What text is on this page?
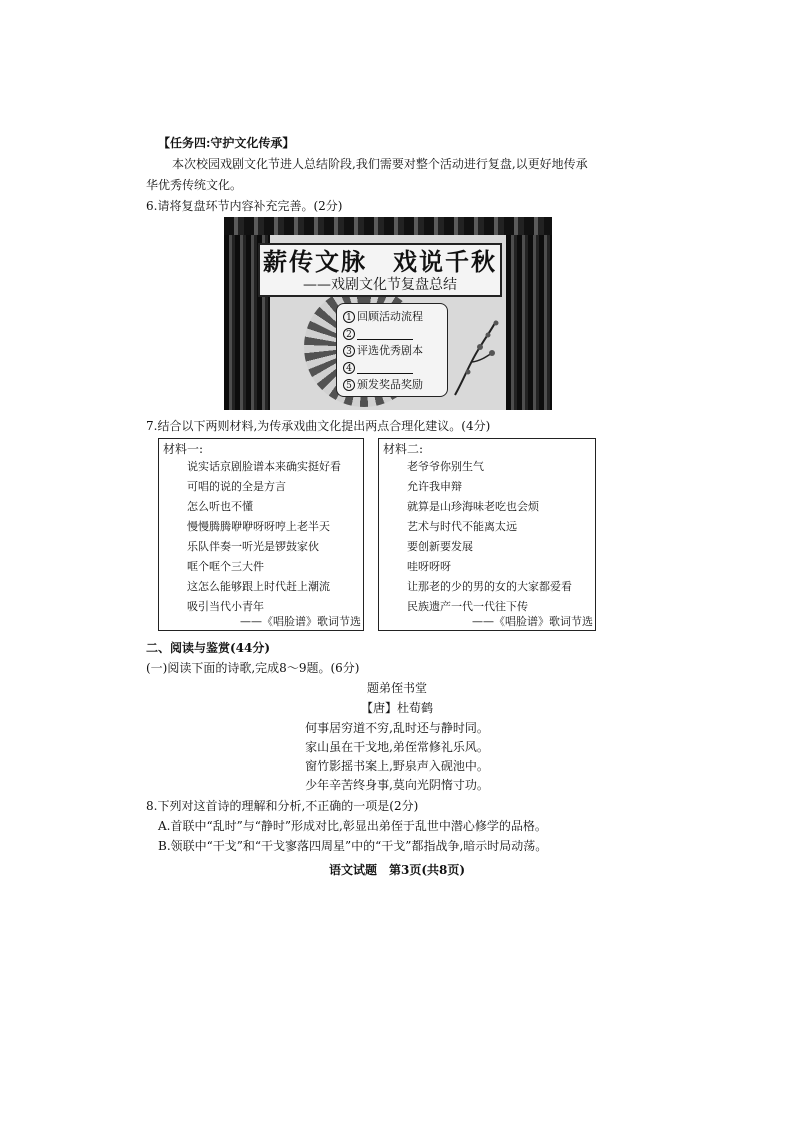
【任务四:守护文化传承】
本次校园戏剧文化节进人总结阶段,我们需要对整个活动进行复盘,以更好地传承
华优秀传统文化。
6.请将复盘环节内容补充完善。(2分)
薪传文脉　戏说千秋
——戏剧文化节复盘总结
1 回顾活动流程
2
3 评选优秀剧本
4
5 颁发奖品奖励
7.结合以下两则材料,为传承戏曲文化提出两点合理化建议。(4分)
材料一:
说实话京剧脸谱本来确实挺好看
可唱的说的全是方言
怎么听也不懂
慢慢腾腾咿咿呀呀哼上老半天
乐队伴奏一听光是锣鼓家伙
哐个哐个三大件
这怎么能够跟上时代赶上潮流
吸引当代小青年
——《唱脸谱》歌词节选
材料二:
老爷爷你别生气
允许我申辩
就算是山珍海味老吃也会烦
艺术与时代不能离太远
要创新要发展
哇呀呀呀
让那老的少的男的女的大家都爱看
民族遗产一代一代往下传
——《唱脸谱》歌词节选
二、阅读与鉴赏(44分)
(一)阅读下面的诗歌,完成8～9题。(6分)
题弟侄书堂
【唐】杜荀鹤
何事居穷道不穷,乱时还与静时同。
家山虽在干戈地,弟侄常修礼乐风。
窗竹影摇书案上,野泉声入砚池中。
少年辛苦终身事,莫向光阴惰寸功。
8.下列对这首诗的理解和分析,不正确的一项是(2分)
A.首联中“乱时”与“静时”形成对比,彰显出弟侄于乱世中潜心修学的品格。
B.领联中“干戈”和“干戈寥落四周星”中的“干戈”都指战争,暗示时局动荡。
语文试题　第3页(共8页)
